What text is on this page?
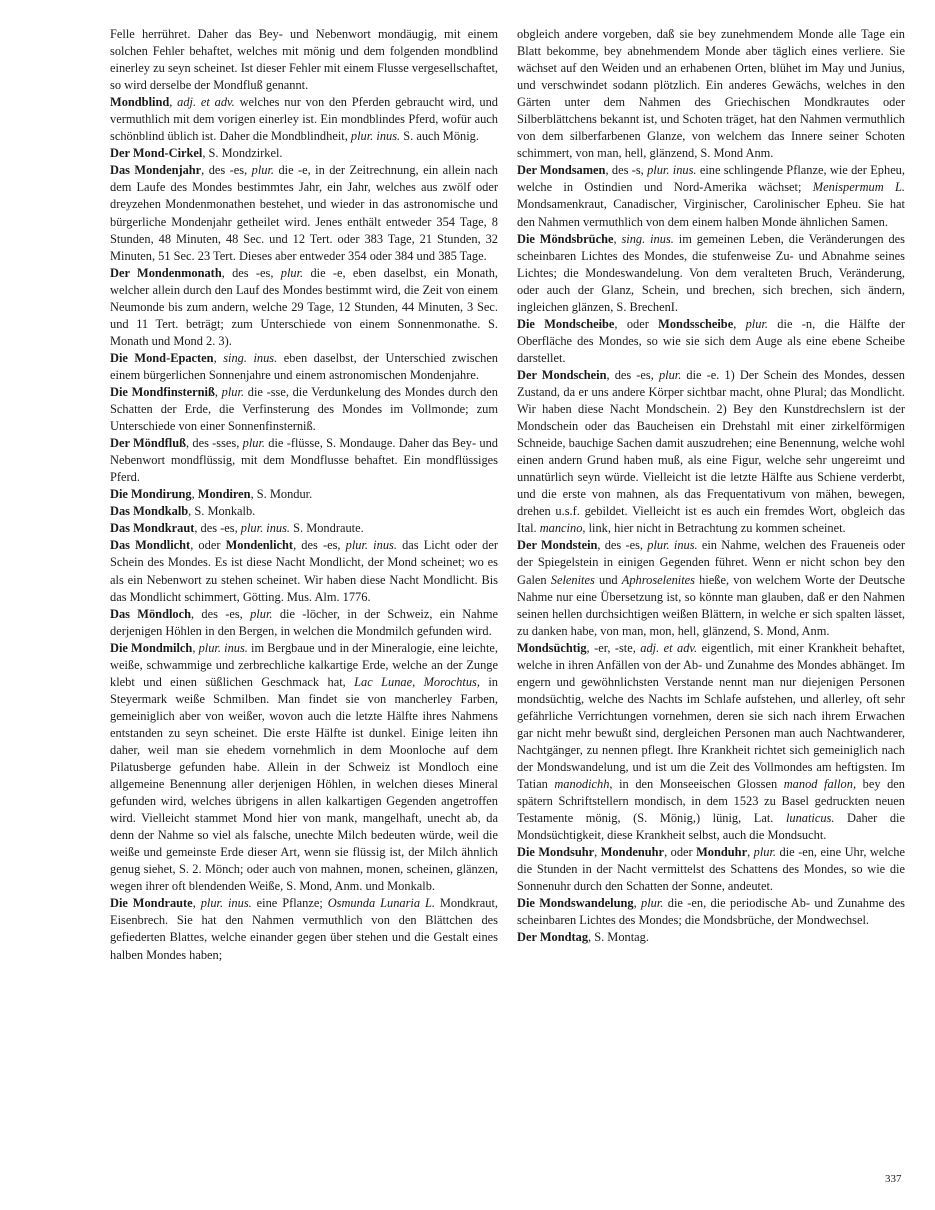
Felle herrühret. Daher das Bey- und Nebenwort mondäugig, mit einem solchen Fehler behaftet, welches mit mönig und dem folgenden mondblind einerley zu seyn scheinet. Ist dieser Fehler mit einem Flusse vergesellschaftet, so wird derselbe der Mondfluß genannt.

Mondblind, adj. et adv. welches nur von den Pferden gebraucht wird, und vermuthlich mit dem vorigen einerley ist. Ein mondblindes Pferd, wofür auch schönblind üblich ist. Daher die Mondblindheit, plur. inus. S. auch Mönig.

Der Mond-Cirkel, S. Mondzirkel.

Das Mondenjahr, des -es, plur. die -e, in der Zeitrechnung, ein allein nach dem Laufe des Mondes bestimmtes Jahr, ein Jahr, welches aus zwölf oder dreyzehen Mondenmonathen bestehet, und wieder in das astronomische und bürgerliche Mondenjahr getheilet wird. Jenes enthält entweder 354 Tage, 8 Stunden, 48 Minuten, 48 Sec. und 12 Tert. oder 383 Tage, 21 Stunden, 32 Minuten, 51 Sec. 23 Tert. Dieses aber entweder 354 oder 384 und 385 Tage.

Der Mondenmonath, des -es, plur. die -e, eben daselbst, ein Monath, welcher allein durch den Lauf des Mondes bestimmt wird, die Zeit von einem Neumonde bis zum andern, welche 29 Tage, 12 Stunden, 44 Minuten, 3 Sec. und 11 Tert. beträgt; zum Unterschiede von einem Sonnenmonathe. S. Monath und Mond 2. 3).

Die Mond-Epacten, sing. inus. eben daselbst, der Unterschied zwischen einem bürgerlichen Sonnenjahre und einem astronomischen Mondenjahre.

Die Mondfinsterniß, plur. die -sse, die Verdunkelung des Mondes durch den Schatten der Erde, die Verfinsterung des Mondes im Vollmonde; zum Unterschiede von einer Sonnenfinsterniß.

Der Möndfluß, des -sses, plur. die -flüsse, S. Mondauge. Daher das Bey- und Nebenwort mondflüssig, mit dem Mondflusse behaftet. Ein mondflüssiges Pferd.

Die Mondirung, Mondiren, S. Mondur.

Das Mondkalb, S. Monkalb.

Das Mondkraut, des -es, plur. inus. S. Mondraute.

Das Mondlicht, oder Mondenlicht, des -es, plur. inus. das Licht oder der Schein des Mondes. Es ist diese Nacht Mondlicht, der Mond scheinet; wo es als ein Nebenwort zu stehen scheinet. Wir haben diese Nacht Mondlicht. Bis das Mondlicht schimmert, Götting. Mus. Alm. 1776.

Das Möndloch, des -es, plur. die -löcher, in der Schweiz, ein Nahme derjenigen Höhlen in den Bergen, in welchen die Mondmilch gefunden wird.

Die Mondmilch, plur. inus. im Bergbaue und in der Mineralogie, eine leichte, weiße, schwammige und zerbrechliche kalkartige Erde, welche an der Zunge klebt und einen süßlichen Geschmack hat, Lac Lunae, Morochtus, in Steyermark weiße Schmilben. Man findet sie von mancherley Farben, gemeiniglich aber von weißer, wovon auch die letzte Hälfte ihres Nahmens entstanden zu seyn scheinet. Die erste Hälfte ist dunkel. Einige leiten ihn daher, weil man sie ehedem vornehmlich in dem Moonloche auf dem Pilatusberge gefunden habe. Allein in der Schweiz ist Mondloch eine allgemeine Benennung aller derjenigen Höhlen, in welchen dieses Mineral gefunden wird, welches übrigens in allen kalkartigen Gegenden angetroffen wird. Vielleicht stammet Mond hier von mank, mangelhaft, unecht ab, da denn der Nahme so viel als falsche, unechte Milch bedeuten würde, weil die weiße und gemeinste Erde dieser Art, wenn sie flüssig ist, der Milch ähnlich genug siehet, S. 2. Mönch; oder auch von mahnen, monen, scheinen, glänzen, wegen ihrer oft blendenden Weiße, S. Mond, Anm. und Monkalb.

Die Mondraute, plur. inus. eine Pflanze; Osmunda Lunaria L. Mondkraut, Eisenbrech. Sie hat den Nahmen vermuthlich von den Blättchen des gefiederten Blattes, welche einander gegen über stehen und die Gestalt eines halben Mondes haben;

obgleich andere vorgeben, daß sie bey zunehmendem Monde alle Tage ein Blatt bekomme, bey abnehmendem Monde aber täglich eines verliere. Sie wächset auf den Weiden und an erhabenen Orten, blühet im May und Junius, und verschwindet sodann plötzlich. Ein anderes Gewächs, welches in den Gärten unter dem Nahmen des Griechischen Mondkrautes oder Silberblättchens bekannt ist, und Schoten träget, hat den Nahmen vermuthlich von dem silberfarbenen Glanze, von welchem das Innere seiner Schoten schimmert, von man, hell, glänzend, S. Mond Anm.

Der Mondsamen, des -s, plur. inus. eine schlingende Pflanze, wie der Epheu, welche in Ostindien und Nord-Amerika wächset; Menispermum L. Mondsamenkraut, Canadischer, Virginischer, Carolinischer Epheu. Sie hat den Nahmen vermuthlich von dem einem halben Monde ähnlichen Samen.

Die Möndsbrüche, sing. inus. im gemeinen Leben, die Veränderungen des scheinbaren Lichtes des Mondes, die stufenweise Zu- und Abnahme seines Lichtes; die Mondeswandelung. Von dem veralteten Bruch, Veränderung, oder auch der Glanz, Schein, und brechen, sich brechen, sich ändern, ingleichen glänzen, S. BrechenI.

Die Mondscheibe, oder Mondsscheibe, plur. die -n, die Hälfte der Oberfläche des Mondes, so wie sie sich dem Auge als eine ebene Scheibe darstellet.

Der Mondschein, des -es, plur. die -e. 1) Der Schein des Mondes, dessen Zustand, da er uns andere Körper sichtbar macht, ohne Plural; das Mondlicht. Wir haben diese Nacht Mondschein. 2) Bey den Kunstdrechslern ist der Mondschein oder das Baucheisen ein Drehstahl mit einer zirkelförmigen Schneide, bauchige Sachen damit auszudrehen; eine Benennung, welche wohl einen andern Grund haben muß, als eine Figur, welche sehr ungereimt und unnatürlich seyn würde. Vielleicht ist die letzte Hälfte aus Schiene verderbt, und die erste von mahnen, als das Frequentativum von mähen, bewegen, drehen u.s.f. gebildet. Vielleicht ist es auch ein fremdes Wort, obgleich das Ital. mancino, link, hier nicht in Betrachtung zu kommen scheinet.

Der Mondstein, des -es, plur. inus. ein Nahme, welchen des Fraueneis oder der Spiegelstein in einigen Gegenden führet. Wenn er nicht schon bey den Galen Selenites und Aphroselenites hieße, von welchem Worte der Deutsche Nahme nur eine Übersetzung ist, so könnte man glauben, daß er den Nahmen seinen hellen durchsichtigen weißen Blättern, in welche er sich spalten lässet, zu danken habe, von man, mon, hell, glänzend, S. Mond, Anm.

Mondsüchtig, -er, -ste, adj. et adv. eigentlich, mit einer Krankheit behaftet, welche in ihren Anfällen von der Ab- und Zunahme des Mondes abhänget. Im engern und gewöhnlichsten Verstande nennt man nur diejenigen Personen mondsüchtig, welche des Nachts im Schlafe aufstehen, und allerley, oft sehr gefährliche Verrichtungen vornehmen, deren sie sich nach ihrem Erwachen gar nicht mehr bewußt sind, dergleichen Personen man auch Nachtwanderer, Nachtgänger, zu nennen pflegt. Ihre Krankheit richtet sich gemeiniglich nach der Mondswandelung, und ist um die Zeit des Vollmondes am heftigsten. Im Tatian manodichh, in den Monseeischen Glossen manod fallon, bey den spätern Schriftstellern mondisch, in dem 1523 zu Basel gedruckten neuen Testamente mönig, (S. Mönig,) lünig, Lat. lunaticus. Daher die Mondsüchtigkeit, diese Krankheit selbst, auch die Mondsucht.

Die Mondsuhr, Mondenuhr, oder Monduhr, plur. die -en, eine Uhr, welche die Stunden in der Nacht vermittelst des Schattens des Mondes, so wie die Sonnenuhr durch den Schatten der Sonne, andeutet.

Die Mondswandelung, plur. die -en, die periodische Ab- und Zunahme des scheinbaren Lichtes des Mondes; die Mondsbrüche, der Mondwechsel.

Der Mondtag, S. Montag.

337
